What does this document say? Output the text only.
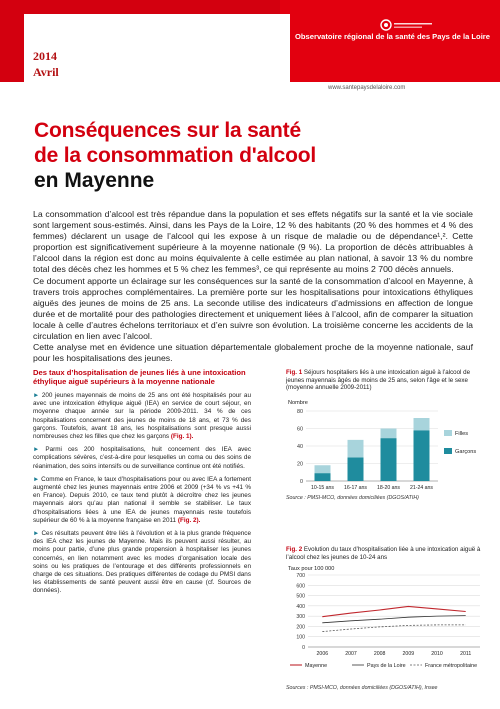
2014
Avril
Observatoire régional de la santé des Pays de la Loire
www.santepaysdelaloire.com
Conséquences sur la santé
de la consommation d'alcool
en Mayenne

La consommation d’alcool est très répandue dans la population et ses effets négatifs sur la santé et la vie sociale sont largement sous-estimés. Ainsi, dans les Pays de la Loire, 12 % des habitants (20 % des hommes et 4 % des femmes) déclarent un usage de l’alcool qui les expose à un risque de maladie ou de dépendance¹,². Cette proportion est significativement supérieure à la moyenne nationale (9 %). La proportion de décès attribuables à l’alcool dans la région est donc au moins équivalente à celle estimée au plan national, à savoir 13 % du nombre total des décès chez les hommes et 5 % chez les femmes³, ce qui représente au moins 2 700 décès annuels.

Ce document apporte un éclairage sur les conséquences sur la santé de la consommation d’alcool en Mayenne, à travers trois approches complémentaires. La première porte sur les hospitalisations pour intoxications éthyliques aiguës des jeunes de moins de 25 ans. La seconde utilise des indicateurs d’admissions en affection de longue durée et de mortalité pour des pathologies directement et uniquement liées à l’alcool, afin de comparer la situation locale à celle d’autres échelons territoriaux et d’en suivre son évolution. La troisième concerne les accidents de la circulation en lien avec l’alcool.

Cette analyse met en évidence une situation départementale globalement proche de la moyenne nationale, sauf pour les hospitalisations des jeunes.

Des taux d’hospitalisation de jeunes liés à une intoxication éthylique aiguë supérieurs à la moyenne nationale

► 200 jeunes mayennais de moins de 25 ans ont été hospitalisés pour au avec une intoxication éthylique aiguë (IEA) en service de court séjour, en moyenne chaque année sur la période 2009-2011. 34 % de ces hospitalisations concernent des jeunes de moins de 18 ans, et 73 % des garçons. Toutefois, avant 18 ans, les hospitalisations sont presque aussi nombreuses chez les filles que chez les garçons (Fig. 1).

► Parmi ces 200 hospitalisations, huit concernent des IEA avec complications sévères, c’est-à-dire pour lesquelles un coma ou des soins de réanimation, des soins intensifs ou de surveillance continue ont été notifiés.

► Comme en France, le taux d’hospitalisations pour ou avec IEA a fortement augmenté chez les jeunes mayennais entre 2006 et 2009 (+34 % vs +41 % en France). Depuis 2010, ce taux tend plutôt à décroître chez les jeunes mayennais alors qu’au plan national il semble se stabiliser. Le taux d’hospitalisations liées à une IEA de jeunes mayennais reste toutefois supérieur de 60 % à la moyenne française en 2011 (Fig. 2).

► Ces résultats peuvent être liés à l’évolution et à la plus grande fréquence des IEA chez les jeunes de Mayenne. Mais ils peuvent aussi résulter, au moins pour partie, d’une plus grande propension à hospitaliser les jeunes concernés, en lien notamment avec les modes d’organisation locale des soins ou les pratiques de l’entourage et des différents professionnels en charge de ces situations. Des pratiques différentes de codage du PMSI dans les établissements de santé peuvent aussi être en cause (cf. Sources de données).

Fig. 1 Séjours hospitaliers liés à une intoxication aiguë à l’alcool de jeunes mayennais âgés de moins de 25 ans, selon l’âge et le sexe (moyenne annuelle 2009-2011)
Nombre
0
20
40
60
80
10-15 ans 16-17 ans 18-20 ans 21-24 ans
Filles
Garçons
Source : PMSI-MCO, données domiciliées (DGOS/ATIH)
Fig. 2 Evolution du taux d’hospitalisation liée à une intoxication aiguë à l’alcool chez les jeunes de 10-24 ans
Taux pour 100 000
0
100
200
300
400
500
600
700
2006	2007	2008	2009	2010	2011
Mayenne	Pays de la Loire	France métropolitaine
Sources : PMSI-MCO, données domiciliées (DGOS/ATIH), Insee
